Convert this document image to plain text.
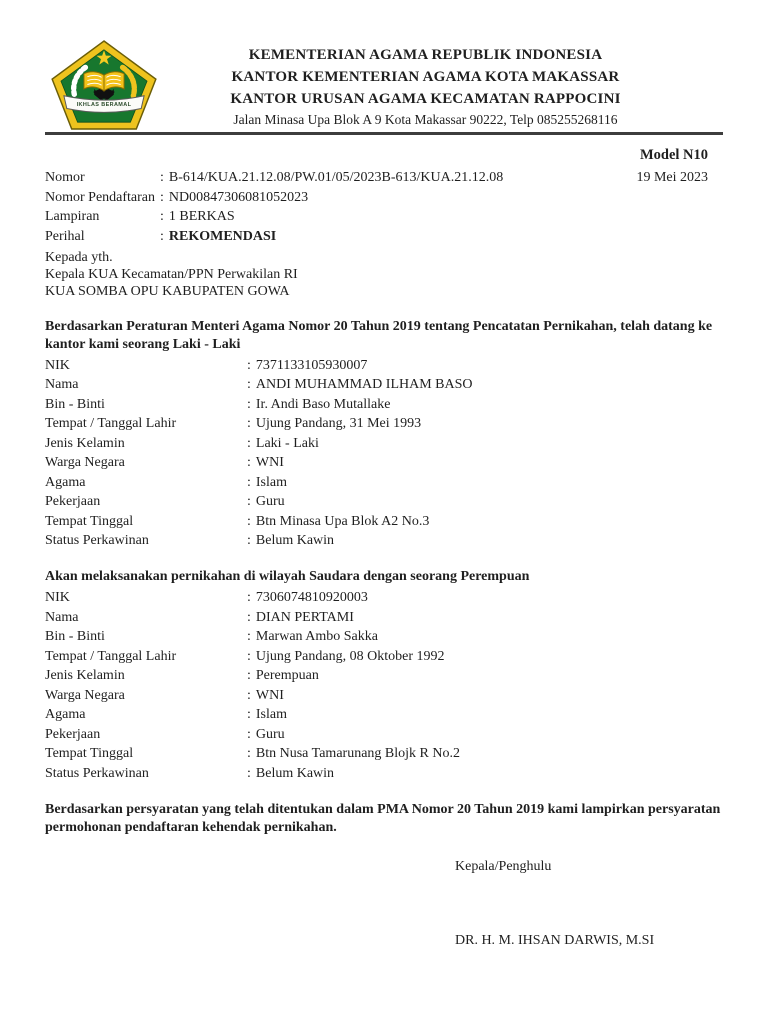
IKHLAS BERAMAL
KEMENTERIAN AGAMA REPUBLIK INDONESIA
KANTOR KEMENTERIAN AGAMA KOTA MAKASSAR
KANTOR URUSAN AGAMA KECAMATAN RAPPOCINI
Jalan Minasa Upa Blok A 9 Kota Makassar 90222, Telp 085255268116
Model N10
19 Mei 2023
Nomor	: B-614/KUA.21.12.08/PW.01/05/2023B-613/KUA.21.12.08
Nomor Pendaftaran : ND00847306081052023
Lampiran	: 1 BERKAS
Perihal	: REKOMENDASI
Kepada yth.
Kepala KUA Kecamatan/PPN Perwakilan RI
KUA SOMBA OPU KABUPATEN GOWA
Berdasarkan Peraturan Menteri Agama Nomor 20 Tahun 2019 tentang Pencatatan Pernikahan, telah datang ke kantor kami seorang Laki - Laki
NIK	: 7371133105930007
Nama	: ANDI MUHAMMAD ILHAM BASO
Bin - Binti	: Ir. Andi Baso Mutallake
Tempat / Tanggal Lahir	: Ujung Pandang, 31 Mei 1993
Jenis Kelamin	: Laki - Laki
Warga Negara	: WNI
Agama	: Islam
Pekerjaan	: Guru
Tempat Tinggal	: Btn Minasa Upa Blok A2 No.3
Status Perkawinan	: Belum Kawin
Akan melaksanakan pernikahan di wilayah Saudara dengan seorang Perempuan
NIK	: 7306074810920003
Nama	: DIAN PERTAMI
Bin - Binti	: Marwan Ambo Sakka
Tempat / Tanggal Lahir	: Ujung Pandang, 08 Oktober 1992
Jenis Kelamin	: Perempuan
Warga Negara	: WNI
Agama	: Islam
Pekerjaan	: Guru
Tempat Tinggal	: Btn Nusa Tamarunang Blojk R No.2
Status Perkawinan	: Belum Kawin
Berdasarkan persyaratan yang telah ditentukan dalam PMA Nomor 20 Tahun 2019 kami lampirkan persyaratan permohonan pendaftaran kehendak pernikahan.
Kepala/Penghulu
DR. H. M. IHSAN DARWIS, M.SI
